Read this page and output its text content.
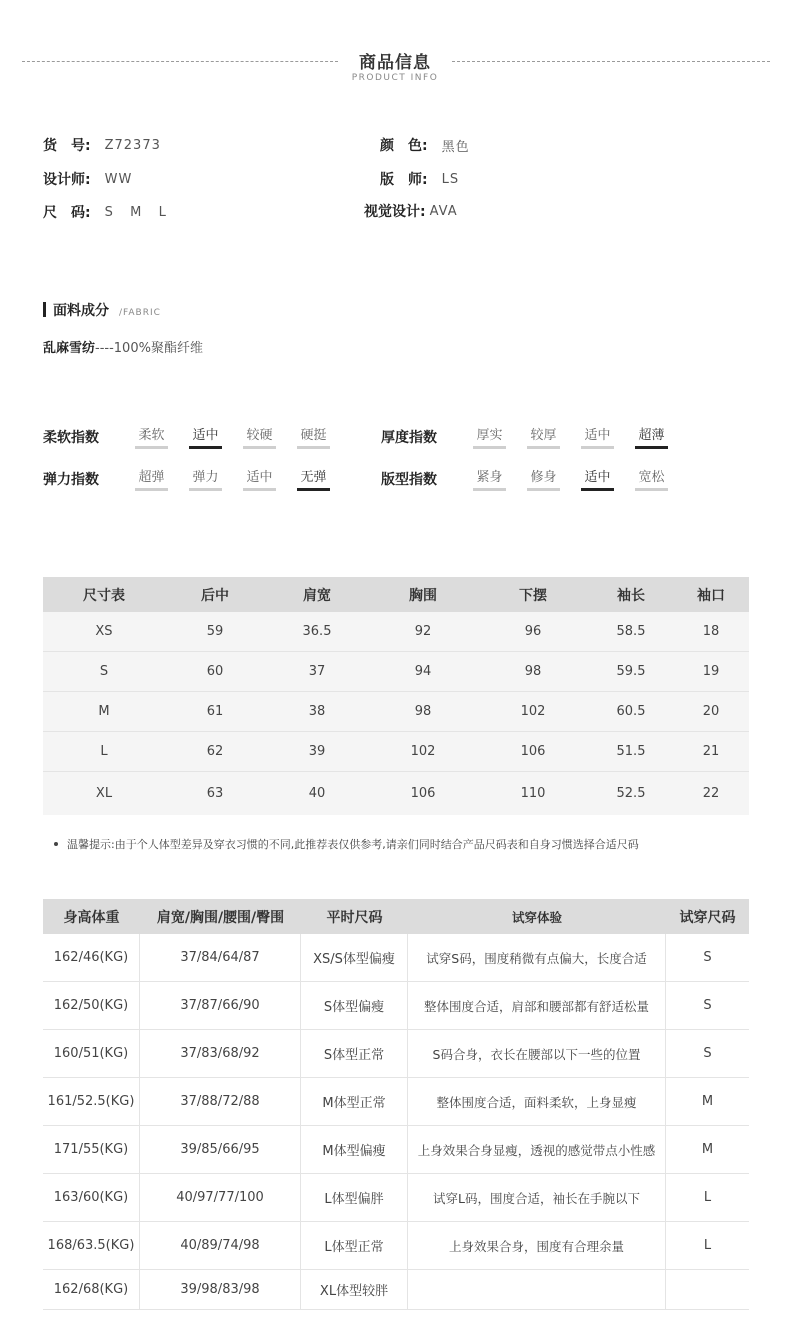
商品信息
PRODUCT INFO
货　号: Z72373	颜　色: 黑色
设计师: WW	版　师: LS
尺　码: S  M  L	视觉设计: AVA
面料成分 /FABRIC
乱麻雪纺----100%聚酯纤维
柔软指数	柔软 适中 较硬 硬挺	厚度指数	厚实 较厚 适中 超薄
弹力指数	超弹 弹力 适中 无弹	版型指数	紧身 修身 适中 宽松
尺寸表	后中	肩宽	胸围	下摆	袖长	袖口
XS	59	36.5	92	96	58.5	18
S	60	37	94	98	59.5	19
M	61	38	98	102	60.5	20
L	62	39	102	106	51.5	21
XL	63	40	106	110	52.5	22
温馨提示:由于个人体型差异及穿衣习惯的不同,此推荐表仅供参考,请亲们同时结合产品尺码表和自身习惯选择合适尺码
身高体重	肩宽/胸围/腰围/臀围	平时尺码	试穿体验	试穿尺码
162/46(KG)	37/84/64/87	XS/S体型偏瘦	试穿S码，围度稍微有点偏大，长度合适	S
162/50(KG)	37/87/66/90	S体型偏瘦	整体围度合适，肩部和腰部都有舒适松量	S
160/51(KG)	37/83/68/92	S体型正常	S码合身，衣长在腰部以下一些的位置	S
161/52.5(KG)	37/88/72/88	M体型正常	整体围度合适，面料柔软，上身显瘦	M
171/55(KG)	39/85/66/95	M体型偏瘦	上身效果合身显瘦，透视的感觉带点小性感	M
163/60(KG)	40/97/77/100	L体型偏胖	试穿L码，围度合适，袖长在手腕以下	L
168/63.5(KG)	40/89/74/98	L体型正常	上身效果合身，围度有合理余量	L
162/68(KG)	39/98/83/98	XL体型较胖
